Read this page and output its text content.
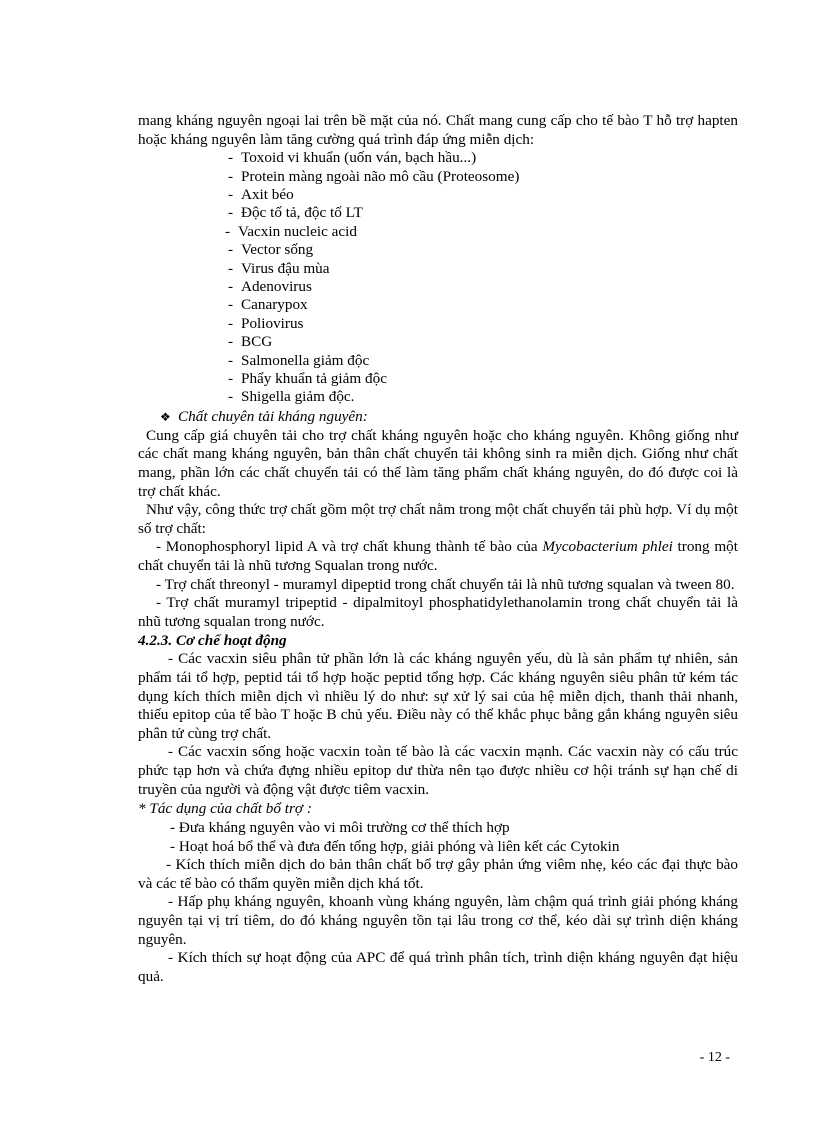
mang kháng nguyên ngoại lai trên bề mặt của nó. Chất mang cung cấp cho tế bào T hỗ trợ hapten hoặc kháng nguyên làm tăng cường quá trình đáp ứng miễn dịch:

- Toxoid vi khuẩn (uốn ván, bạch hầu...)
- Protein màng ngoài não mô cầu (Proteosome)
- Axit béo
- Độc tố tả, độc tố LT
- Vacxin nucleic acid
- Vector sống
- Virus đậu mùa
- Adenovirus
- Canarypox
- Poliovirus
- BCG
- Salmonella giảm độc
- Phẩy khuẩn tả giảm độc
- Shigella giảm độc.

❖ Chất chuyên tải kháng nguyên:

Cung cấp giá chuyên tải cho trợ chất kháng nguyên hoặc cho kháng nguyên. Không giống như các chất mang kháng nguyên, bản thân chất chuyển tải không sinh ra miễn dịch. Giống như chất mang, phần lớn các chất chuyển tải có thể làm tăng phẩm chất kháng nguyên, do đó được coi là trợ chất khác.

Như vậy, công thức trợ chất gồm một trợ chất nằm trong một chất chuyển tải phù hợp. Ví dụ một số trợ chất:

- Monophosphoryl lipid A và trợ chất khung thành tế bào của Mycobacterium phlei trong một chất chuyển tải là nhũ tương Squalan trong nước.

- Trợ chất threonyl - muramyl dipeptid trong chất chuyển tải là nhũ tương squalan và tween 80.

- Trợ chất muramyl tripeptid - dipalmitoyl phosphatidylethanolamin trong chất chuyển tải là nhũ tương squalan trong nước.

4.2.3. Cơ chế hoạt động

- Các vacxin siêu phân tử phần lớn là các kháng nguyên yếu, dù là sản phẩm tự nhiên, sản phẩm tái tổ hợp, peptid tái tổ hợp hoặc peptid tổng hợp. Các kháng nguyên siêu phân tử kém tác dụng kích thích miễn dịch vì nhiều lý do như: sự xử lý sai của hệ miễn dịch, thanh thải nhanh, thiếu epitop của tế bào T hoặc B chủ yếu. Điều này có thể khắc phục bằng gắn kháng nguyên siêu phân tử cùng trợ chất.

- Các vacxin sống hoặc vacxin toàn tế bào là các vacxin mạnh. Các vacxin này có cấu trúc phức tạp hơn và chứa đựng nhiều epitop dư thừa nên tạo được nhiều cơ hội tránh sự hạn chế di truyền của người và động vật được tiêm vacxin.

* Tác dụng của chất bổ trợ :

- Đưa kháng nguyên vào vi môi trường cơ thể thích hợp

- Hoạt hoá bổ thể và đưa đến tổng hợp, giải phóng và liên kết các Cytokin

- Kích thích miễn dịch do bản thân chất bổ trợ gây phản ứng viêm nhẹ, kéo các đại thực bào và các tế bào có thẩm quyền miễn dịch khá tốt.

- Hấp phụ kháng nguyên, khoanh vùng kháng nguyên, làm chậm quá trình giải phóng kháng nguyên tại vị trí tiêm, do đó kháng nguyên tồn tại lâu trong cơ thể, kéo dài sự trình diện kháng nguyên.

- Kích thích sự hoạt động của APC để quá trình phân tích, trình diện kháng nguyên đạt hiệu quả.

- 12 -
